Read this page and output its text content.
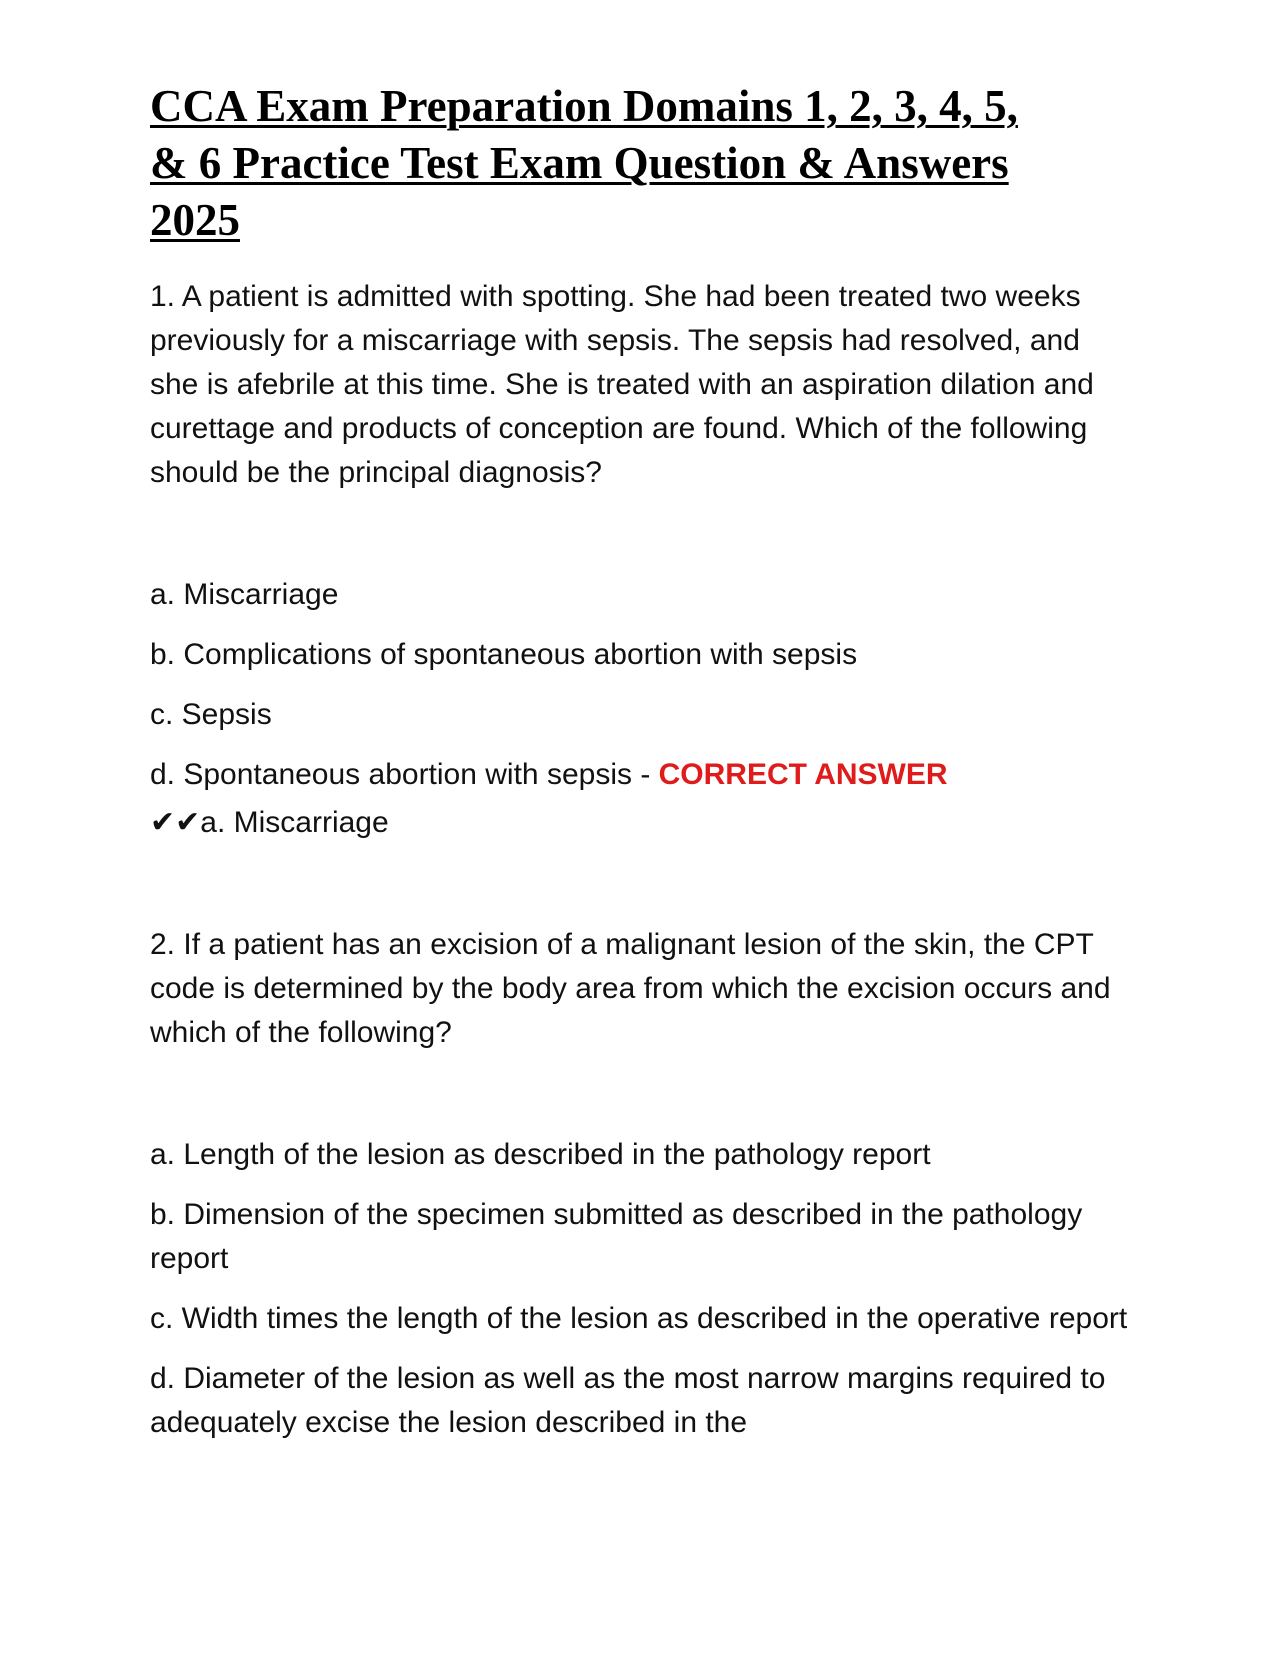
CCA Exam Preparation Domains 1, 2, 3, 4, 5,
& 6 Practice Test Exam Question & Answers
2025

1. A patient is admitted with spotting. She had been treated two weeks previously for a miscarriage with sepsis. The sepsis had resolved, and she is afebrile at this time. She is treated with an aspiration dilation and curettage and products of conception are found. Which of the following should be the principal diagnosis?

a. Miscarriage

b. Complications of spontaneous abortion with sepsis

c. Sepsis

d. Spontaneous abortion with sepsis - CORRECT ANSWER

✔✔a. Miscarriage

2. If a patient has an excision of a malignant lesion of the skin, the CPT code is determined by the body area from which the excision occurs and which of the following?

a. Length of the lesion as described in the pathology report

b. Dimension of the specimen submitted as described in the pathology report

c. Width times the length of the lesion as described in the operative report

d. Diameter of the lesion as well as the most narrow margins required to adequately excise the lesion described in the
